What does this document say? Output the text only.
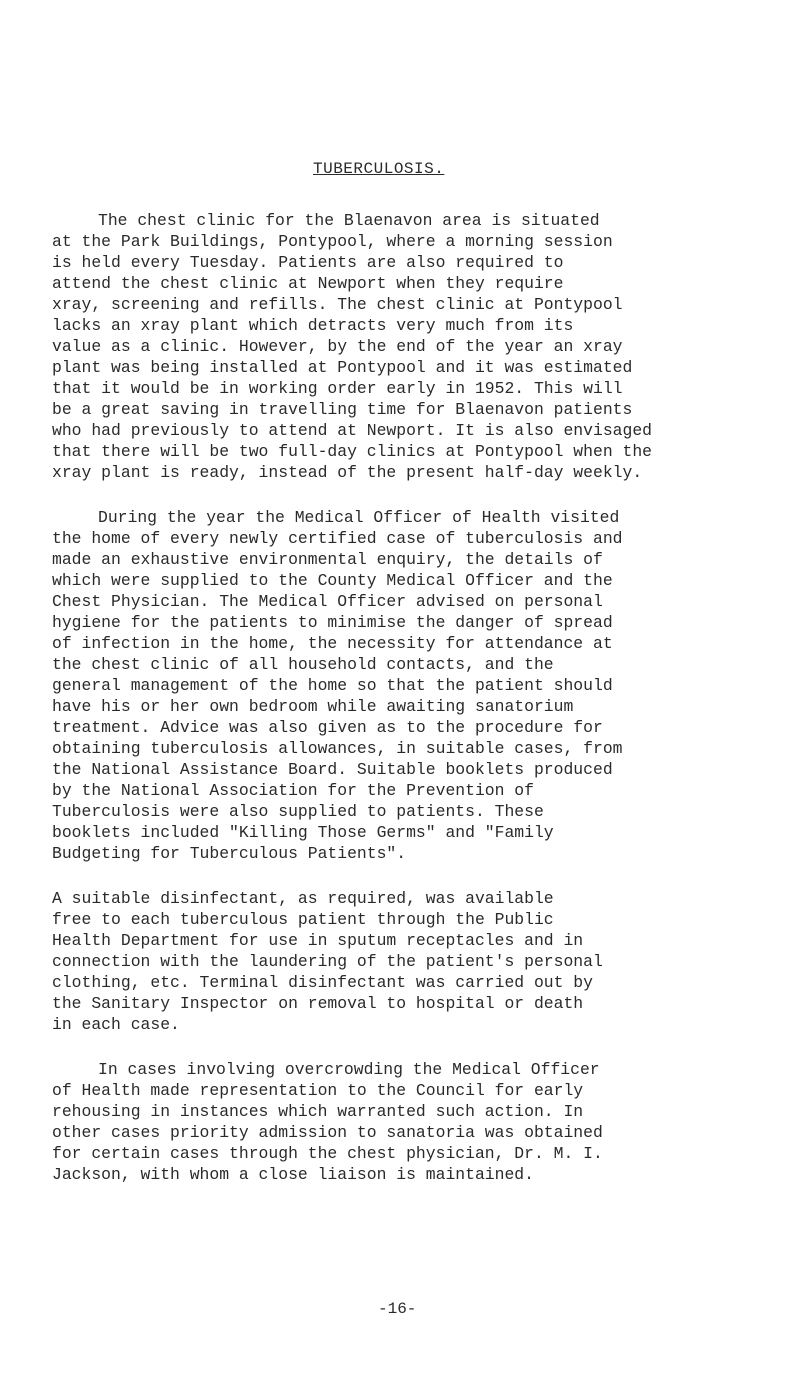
TUBERCULOSIS.
The chest clinic for the Blaenavon area is situated
at the Park Buildings, Pontypool, where a morning session
is held every Tuesday. Patients are also required to
attend the chest clinic at Newport when they require
xray, screening and refills. The chest clinic at Pontypool
lacks an xray plant which detracts very much from its
value as a clinic. However, by the end of the year an xray
plant was being installed at Pontypool and it was estimated
that it would be in working order early in 1952. This will
be a great saving in travelling time for Blaenavon patients
who had previously to attend at Newport. It is also envisaged
that there will be two full-day clinics at Pontypool when the
xray plant is ready, instead of the present half-day weekly.
During the year the Medical Officer of Health visited
the home of every newly certified case of tuberculosis and
made an exhaustive environmental enquiry, the details of
which were supplied to the County Medical Officer and the
Chest Physician. The Medical Officer advised on personal
hygiene for the patients to minimise the danger of spread
of infection in the home, the necessity for attendance at
the chest clinic of all household contacts, and the
general management of the home so that the patient should
have his or her own bedroom while awaiting sanatorium
treatment. Advice was also given as to the procedure for
obtaining tuberculosis allowances, in suitable cases, from
the National Assistance Board. Suitable booklets produced
by the National Association for the Prevention of
Tuberculosis were also supplied to patients. These
booklets included "Killing Those Germs" and "Family
Budgeting for Tuberculous Patients".
A suitable disinfectant, as required, was available
free to each tuberculous patient through the Public
Health Department for use in sputum receptacles and in
connection with the laundering of the patient's personal
clothing, etc. Terminal disinfectant was carried out by
the Sanitary Inspector on removal to hospital or death
in each case.
In cases involving overcrowding the Medical Officer
of Health made representation to the Council for early
rehousing in instances which warranted such action. In
other cases priority admission to sanatoria was obtained
for certain cases through the chest physician, Dr. M. I.
Jackson, with whom a close liaison is maintained.
-16-
